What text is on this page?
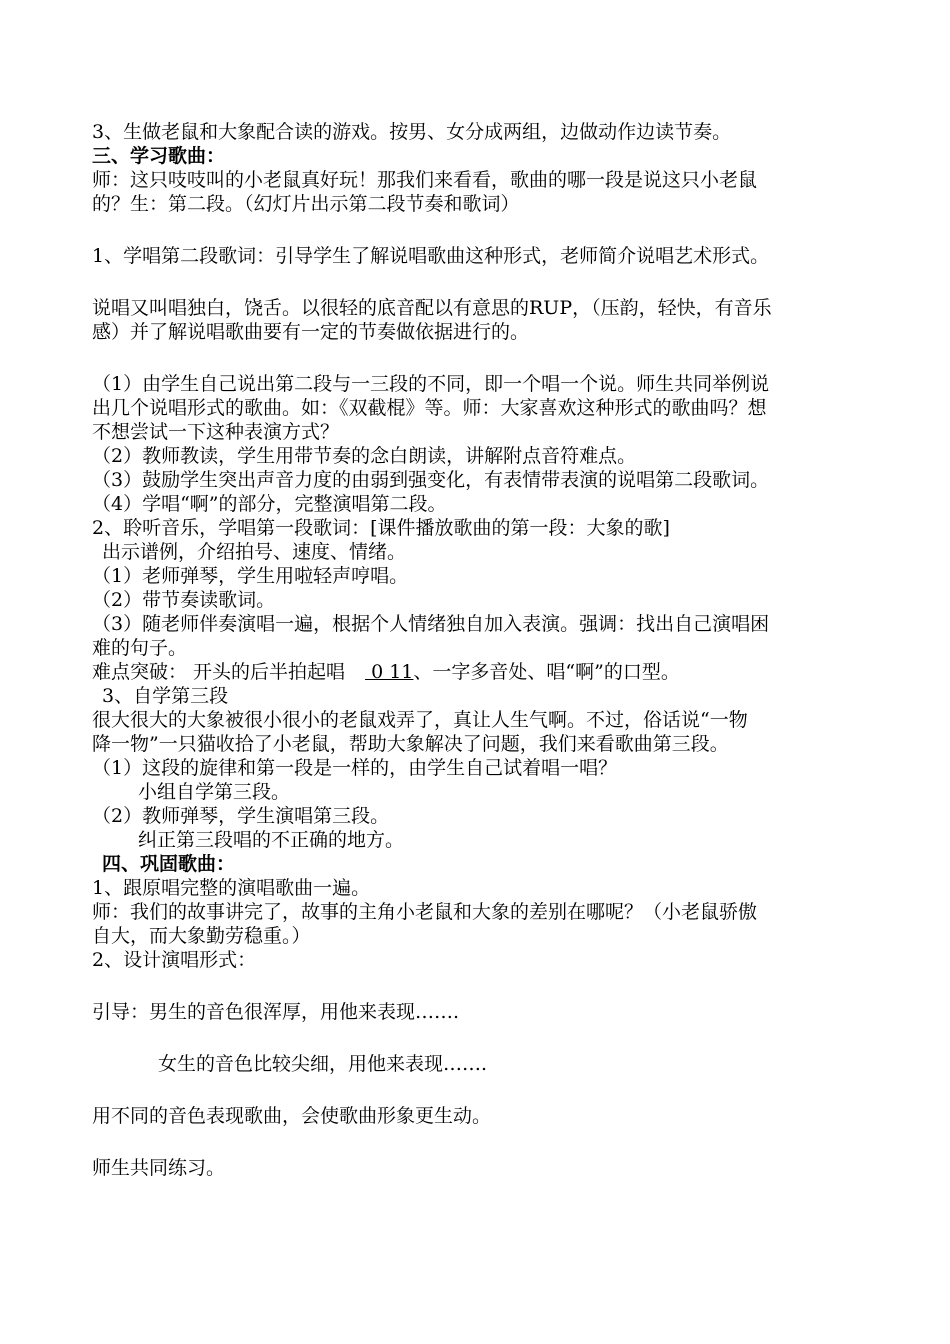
3、生做老鼠和大象配合读的游戏。按男、女分成两组，边做动作边读节奏。
三、学习歌曲：
师：这只吱吱叫的小老鼠真好玩！那我们来看看，歌曲的哪一段是说这只小老鼠
的？生：第二段。（幻灯片出示第二段节奏和歌词）
1、学唱第二段歌词：引导学生了解说唱歌曲这种形式，老师简介说唱艺术形式。
说唱又叫唱独白，饶舌。以很轻的底音配以有意思的RUP，（压韵，轻快，有音乐
感）并了解说唱歌曲要有一定的节奏做依据进行的。
（1）由学生自己说出第二段与一三段的不同，即一个唱一个说。师生共同举例说
出几个说唱形式的歌曲。如：《双截棍》等。师：大家喜欢这种形式的歌曲吗？想
不想尝试一下这种表演方式？
（2）教师教读，学生用带节奏的念白朗读，讲解附点音符难点。
（3）鼓励学生突出声音力度的由弱到强变化，有表情带表演的说唱第二段歌词。
（4）学唱“啊”的部分，完整演唱第二段。
2、聆听音乐，学唱第一段歌词：[课件播放歌曲的第一段：大象的歌]
出示谱例，介绍拍号、速度、情绪。
（1）老师弹琴，学生用啦轻声哼唱。
（2）带节奏读歌词。
（3）随老师伴奏演唱一遍，根据个人情绪独自加入表演。强调：找出自己演唱困
难的句子。
难点突破： 开头的后半拍起唱 0 11、一字多音处、唱“啊”的口型。
3、自学第三段
很大很大的大象被很小很小的老鼠戏弄了，真让人生气啊。不过，俗话说“一物
降一物”一只猫收拾了小老鼠，帮助大象解决了问题，我们来看歌曲第三段。
（1）这段的旋律和第一段是一样的，由学生自己试着唱一唱？
小组自学第三段。
（2）教师弹琴，学生演唱第三段。
纠正第三段唱的不正确的地方。
四、巩固歌曲：
1、跟原唱完整的演唱歌曲一遍。
师：我们的故事讲完了，故事的主角小老鼠和大象的差别在哪呢？（小老鼠骄傲
自大，而大象勤劳稳重。）
2、设计演唱形式：
引导：男生的音色很浑厚，用他来表现…….
女生的音色比较尖细，用他来表现…….
用不同的音色表现歌曲，会使歌曲形象更生动。
师生共同练习。
